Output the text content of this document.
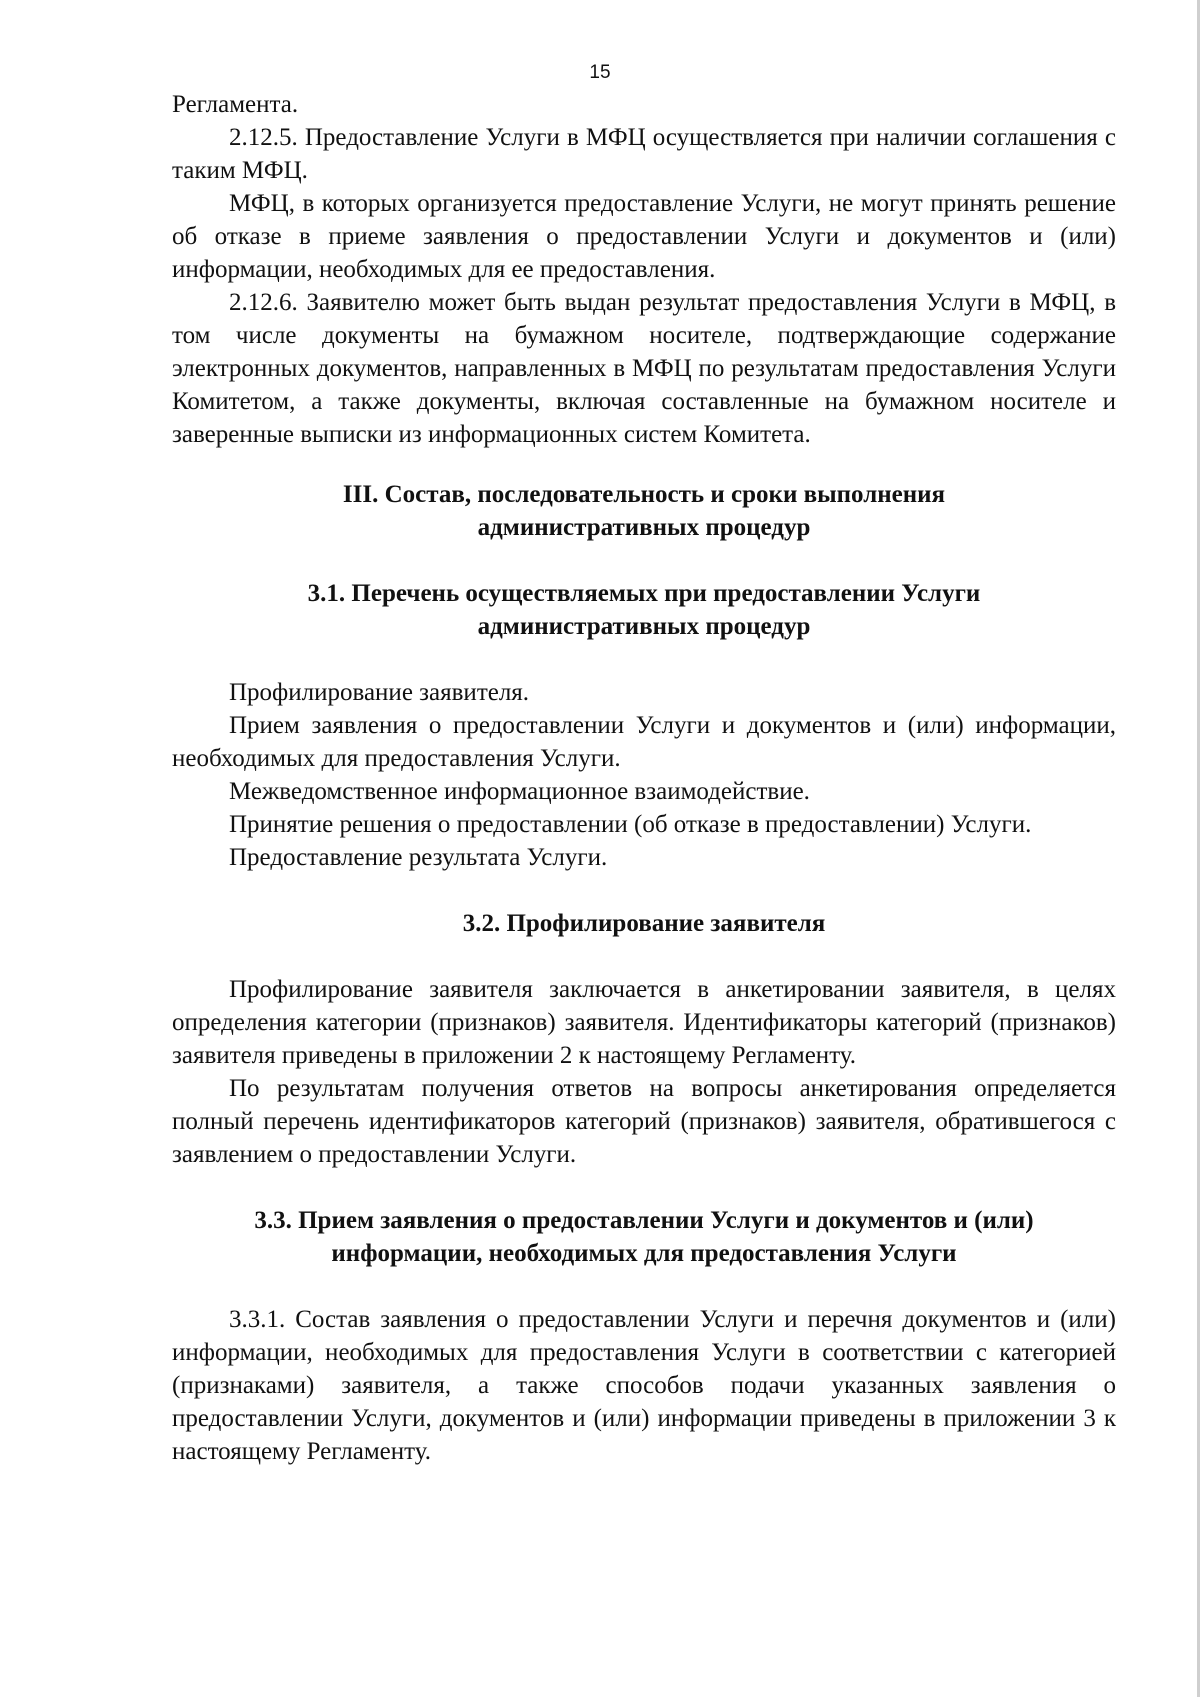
15

Регламента.

2.12.5. Предоставление Услуги в МФЦ осуществляется при наличии соглашения с таким МФЦ.

МФЦ, в которых организуется предоставление Услуги, не могут принять решение об отказе в приеме заявления о предоставлении Услуги и документов и (или) информации, необходимых для ее предоставления.

2.12.6. Заявителю может быть выдан результат предоставления Услуги в МФЦ, в том числе документы на бумажном носителе, подтверждающие содержание электронных документов, направленных в МФЦ по результатам предоставления Услуги Комитетом, а также документы, включая составленные на бумажном носителе и заверенные выписки из информационных систем Комитета.

III. Состав, последовательность и сроки выполнения
административных процедур
3.1. Перечень осуществляемых при предоставлении Услуги
административных процедур

Профилирование заявителя.

Прием заявления о предоставлении Услуги и документов и (или) информации, необходимых для предоставления Услуги.

Межведомственное информационное взаимодействие.

Принятие решения о предоставлении (об отказе в предоставлении) Услуги.

Предоставление результата Услуги.

3.2. Профилирование заявителя

Профилирование заявителя заключается в анкетировании заявителя, в целях определения категории (признаков) заявителя. Идентификаторы категорий (признаков) заявителя приведены в приложении 2 к настоящему Регламенту.

По результатам получения ответов на вопросы анкетирования определяется полный перечень идентификаторов категорий (признаков) заявителя, обратившегося с заявлением о предоставлении Услуги.

3.3. Прием заявления о предоставлении Услуги и документов и (или)
информации, необходимых для предоставления Услуги

3.3.1. Состав заявления о предоставлении Услуги и перечня документов и (или) информации, необходимых для предоставления Услуги в соответствии с категорией (признаками) заявителя, а также способов подачи указанных заявления о предоставлении Услуги, документов и (или) информации приведены в приложении 3 к настоящему Регламенту.
